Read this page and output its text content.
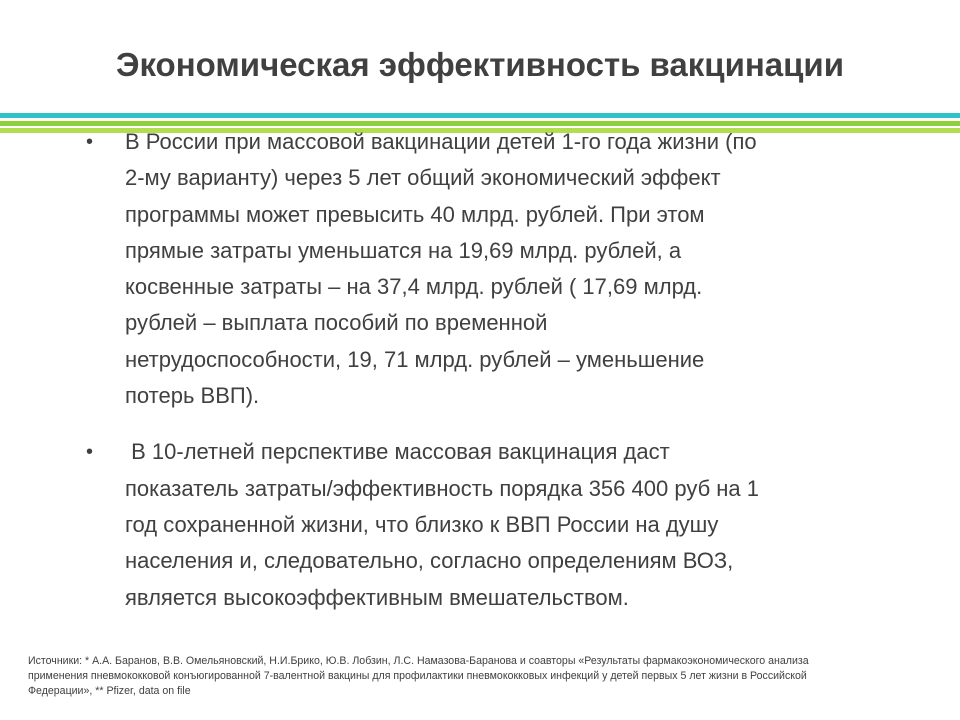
Экономическая эффективность вакцинации
• В России при массовой вакцинации детей 1-го года жизни (по
2-му варианту) через 5 лет общий экономический эффект
программы может превысить 40 млрд. рублей. При этом
прямые затраты уменьшатся на 19,69 млрд. рублей, а
косвенные затраты – на 37,4 млрд. рублей ( 17,69 млрд.
рублей – выплата пособий по временной
нетрудоспособности, 19, 71 млрд. рублей – уменьшение
потерь ВВП).
• В 10-летней перспективе массовая вакцинация даст
показатель затраты/эффективность порядка 356 400 руб на 1
год сохраненной жизни, что близко к ВВП России на душу
населения и, следовательно, согласно определениям ВОЗ,
является высокоэффективным вмешательством.
Источники: * А.А. Баранов, В.В. Омельяновский, Н.И.Брико, Ю.В. Лобзин, Л.С. Намазова-Баранова и соавторы «Результаты фармакоэкономического анализа
применения пневмококковой конъюгированной 7-валентной вакцины для профилактики пневмококковых инфекций у детей первых 5 лет жизни в Российской
Федерации», ** Pfizer, data on file
